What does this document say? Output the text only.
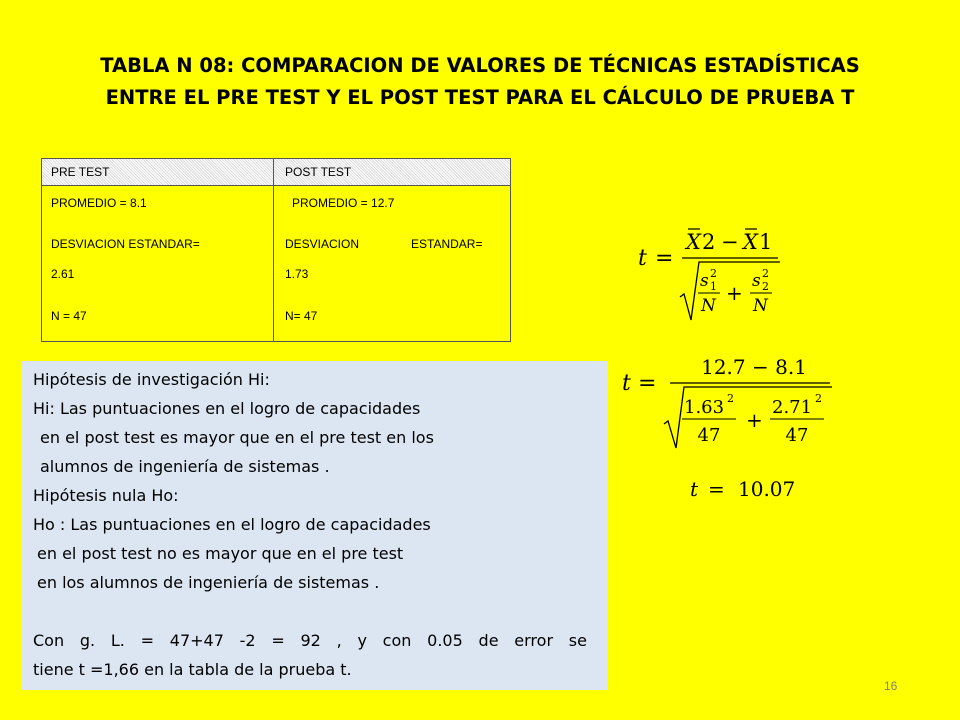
TABLA N 08: COMPARACION DE VALORES DE TÉCNICAS ESTADÍSTICAS
ENTRE EL PRE TEST Y EL POST TEST PARA EL CÁLCULO DE PRUEBA T
PRE TEST	POST TEST
PROMEDIO = 8.1
DESVIACION ESTANDAR=
2.61
N = 47
PROMEDIO = 12.7
DESVIACION	ESTANDAR=
1.73
N= 47
Hipótesis de investigación Hi:
Hi: Las puntuaciones en el logro de capacidades
en el post test es mayor que en el pre test en los
alumnos de ingeniería de sistemas .
Hipótesis nula Ho:
Ho : Las puntuaciones en el logro de capacidades
en el post test no es mayor que en el pre test
en los alumnos de ingeniería de sistemas .
Con g. L. = 47+47 -2 = 92 , y con 0.05 de error se
tiene t =1,66 en la tabla de la prueba t.
t =
X 2 − X 1
s 2
1
N
+ s 2
2
N
t =
12.7 − 8.1
1.63 2
47
+
2.71 2
47
t = 10.07
16
